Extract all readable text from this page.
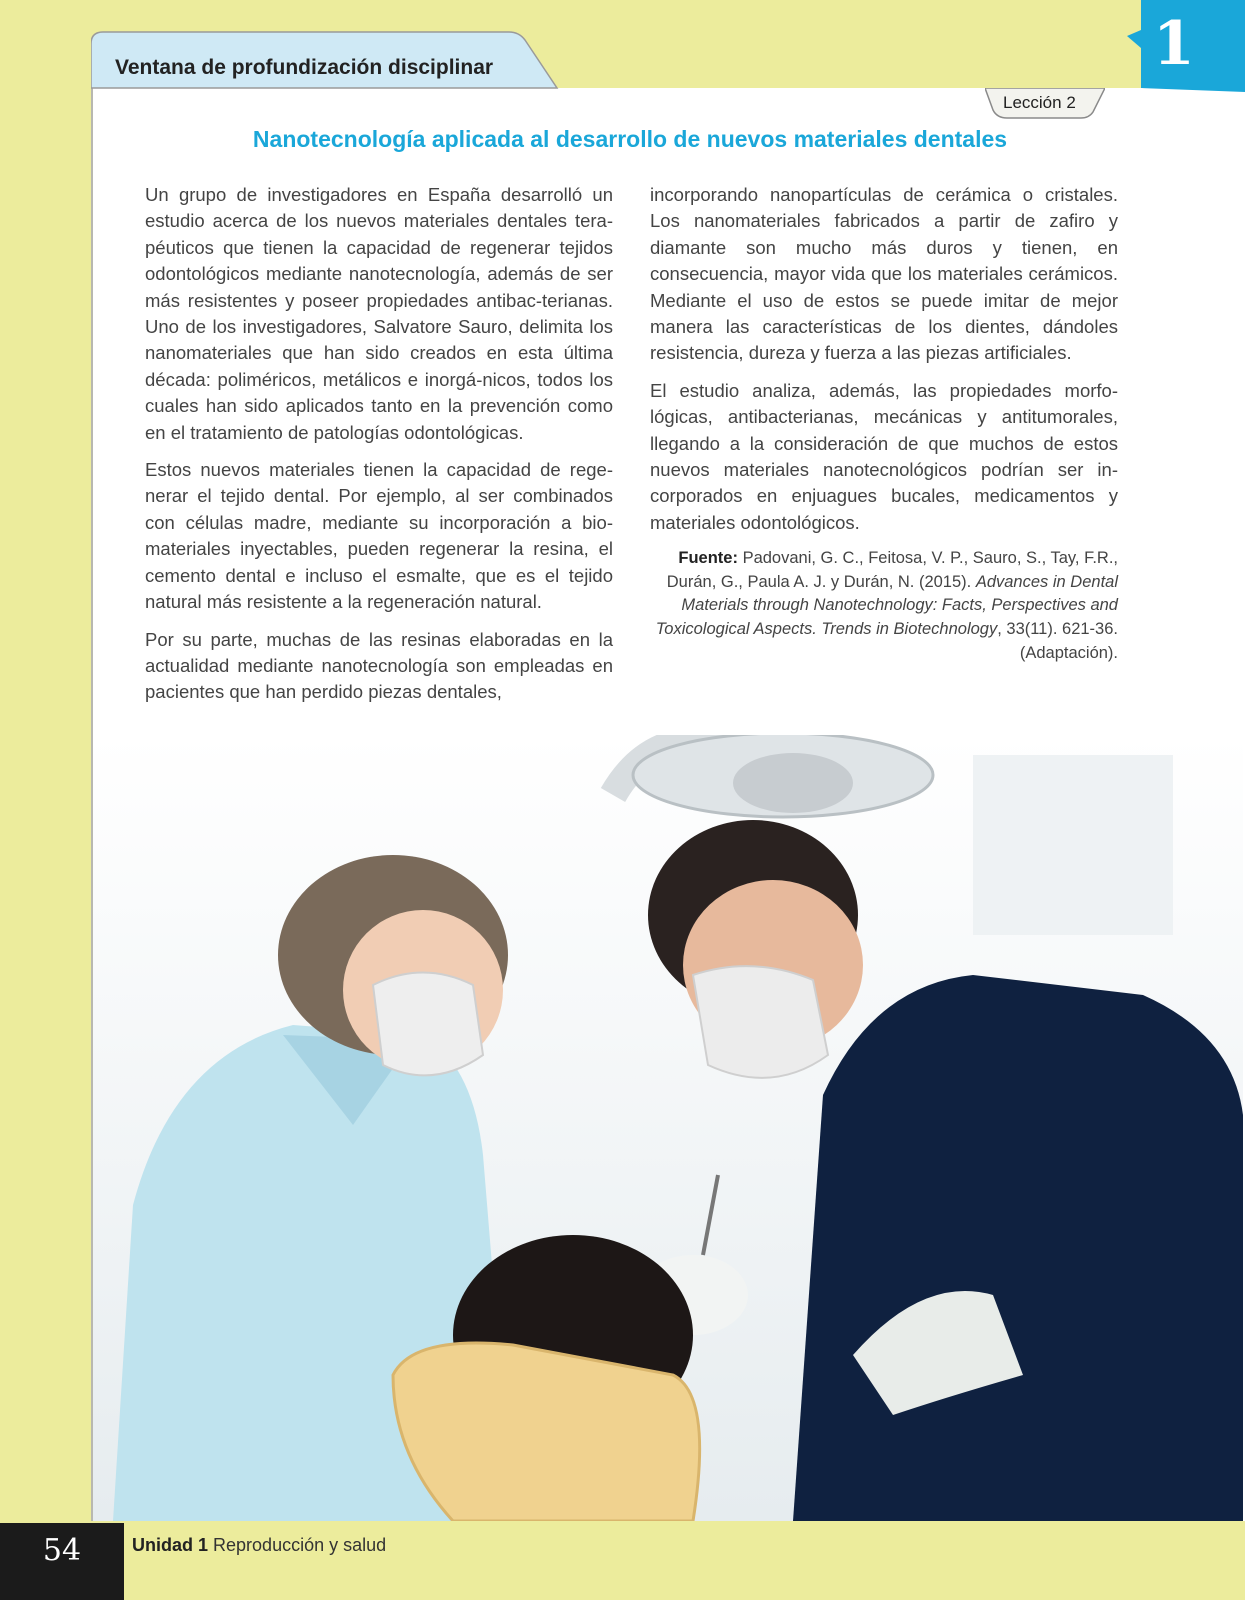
Ventana de profundización disciplinar	1
Lección 2
Nanotecnología aplicada al desarrollo de nuevos materiales dentales

Un grupo de investigadores en España desarrolló un estudio acerca de los nuevos materiales dentales tera-péuticos que tienen la capacidad de regenerar tejidos odontológicos mediante nanotecnología, además de ser más resistentes y poseer propiedades antibac-terianas. Uno de los investigadores, Salvatore Sauro, delimita los nanomateriales que han sido creados en esta última década: poliméricos, metálicos e inorgá-nicos, todos los cuales han sido aplicados tanto en la prevención como en el tratamiento de patologías odontológicas.

Estos nuevos materiales tienen la capacidad de rege-nerar el tejido dental. Por ejemplo, al ser combinados con células madre, mediante su incorporación a bio-materiales inyectables, pueden regenerar la resina, el cemento dental e incluso el esmalte, que es el tejido natural más resistente a la regeneración natural.

Por su parte, muchas de las resinas elaboradas en la actualidad mediante nanotecnología son empleadas en pacientes que han perdido piezas dentales,

incorporando nanopartículas de cerámica o cristales. Los nanomateriales fabricados a partir de zafiro y diamante son mucho más duros y tienen, en consecuencia, mayor vida que los materiales cerámicos. Mediante el uso de estos se puede imitar de mejor manera las características de los dientes, dándoles resistencia, dureza y fuerza a las piezas artificiales.

El estudio analiza, además, las propiedades morfo-lógicas, antibacterianas, mecánicas y antitumorales, llegando a la consideración de que muchos de estos nuevos materiales nanotecnológicos podrían ser in-corporados en enjuagues bucales, medicamentos y materiales odontológicos.

Fuente: Padovani, G. C., Feitosa, V. P., Sauro, S., Tay, F.R., Durán, G., Paula A. J. y Durán, N. (2015). Advances in Dental Materials through Nanotechnology: Facts, Perspectives and Toxicological Aspects. Trends in Biotechnology, 33(11). 621-36. (Adaptación).
54	Unidad 1 Reproducción y salud
